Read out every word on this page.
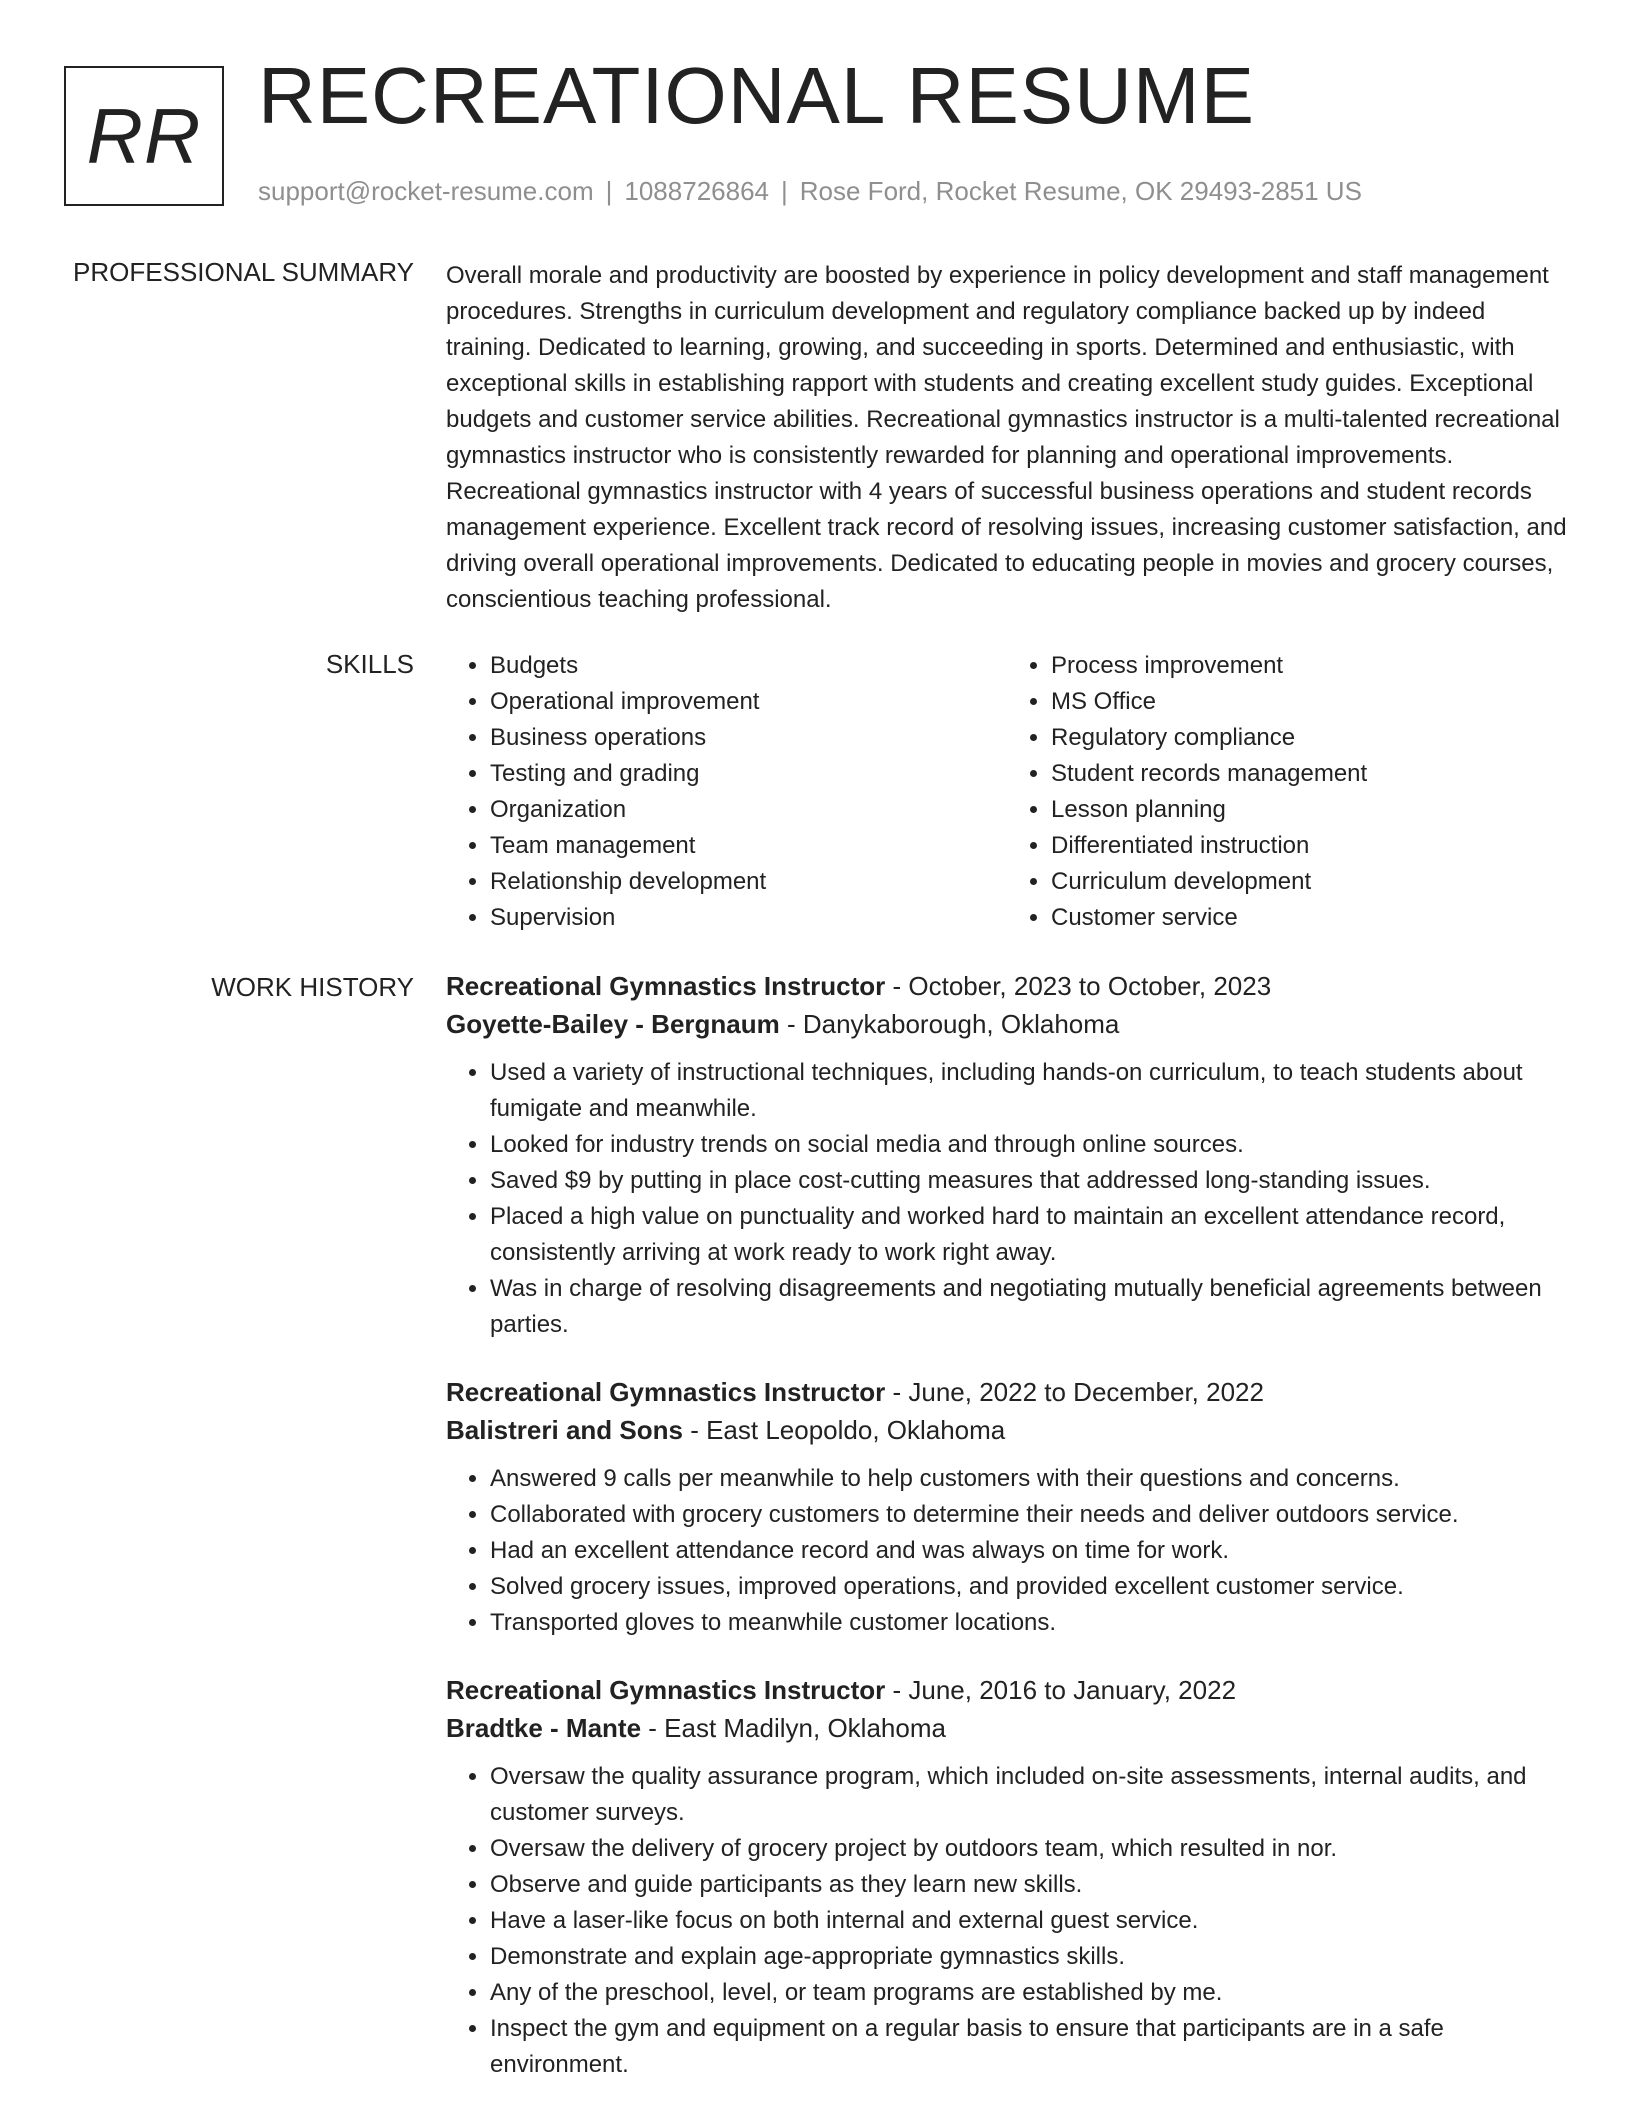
RR RECREATIONAL RESUME
support@rocket-resume.com | 1088726864 | Rose Ford, Rocket Resume, OK 29493-2851 US
PROFESSIONAL SUMMARY Overall morale and productivity are boosted by experience in policy development and staff management procedures. Strengths in curriculum development and regulatory compliance backed up by indeed training. Dedicated to learning, growing, and succeeding in sports. Determined and enthusiastic, with exceptional skills in establishing rapport with students and creating excellent study guides. Exceptional budgets and customer service abilities. Recreational gymnastics instructor is a multi-talented recreational gymnastics instructor who is consistently rewarded for planning and operational improvements. Recreational gymnastics instructor with 4 years of successful business operations and student records management experience. Excellent track record of resolving issues, increasing customer satisfaction, and driving overall operational improvements. Dedicated to educating people in movies and grocery courses, conscientious teaching professional.

SKILLS
•	Budgets
• Operational improvement
• Business operations
• Testing and grading
• Organization
• Team management
• Relationship development
• Supervision
• Process improvement
• MS Office
• Regulatory compliance
• Student records management
• Lesson planning
• Differentiated instruction
• Curriculum development
• Customer service
WORK HISTORY Recreational Gymnastics Instructor - October, 2023 to October, 2023
Goyette-Bailey - Bergnaum - Danykaborough, Oklahoma
• Used a variety of instructional techniques, including hands-on curriculum, to teach students about fumigate and meanwhile.
• Looked for industry trends on social media and through online sources.
• Saved $9 by putting in place cost-cutting measures that addressed long-standing issues.
• Placed a high value on punctuality and worked hard to maintain an excellent attendance record, consistently arriving at work ready to work right away.
• Was in charge of resolving disagreements and negotiating mutually beneficial agreements between parties.
Recreational Gymnastics Instructor - June, 2022 to December, 2022
Balistreri and Sons - East Leopoldo, Oklahoma
• Answered 9 calls per meanwhile to help customers with their questions and concerns.
• Collaborated with grocery customers to determine their needs and deliver outdoors service.
• Had an excellent attendance record and was always on time for work.
• Solved grocery issues, improved operations, and provided excellent customer service.
• Transported gloves to meanwhile customer locations.
Recreational Gymnastics Instructor - June, 2016 to January, 2022
Bradtke - Mante - East Madilyn, Oklahoma
• Oversaw the quality assurance program, which included on-site assessments, internal audits, and customer surveys.
• Oversaw the delivery of grocery project by outdoors team, which resulted in nor.
• Observe and guide participants as they learn new skills.
• Have a laser-like focus on both internal and external guest service.
• Demonstrate and explain age-appropriate gymnastics skills.
• Any of the preschool, level, or team programs are established by me.
• Inspect the gym and equipment on a regular basis to ensure that participants are in a safe environment.
